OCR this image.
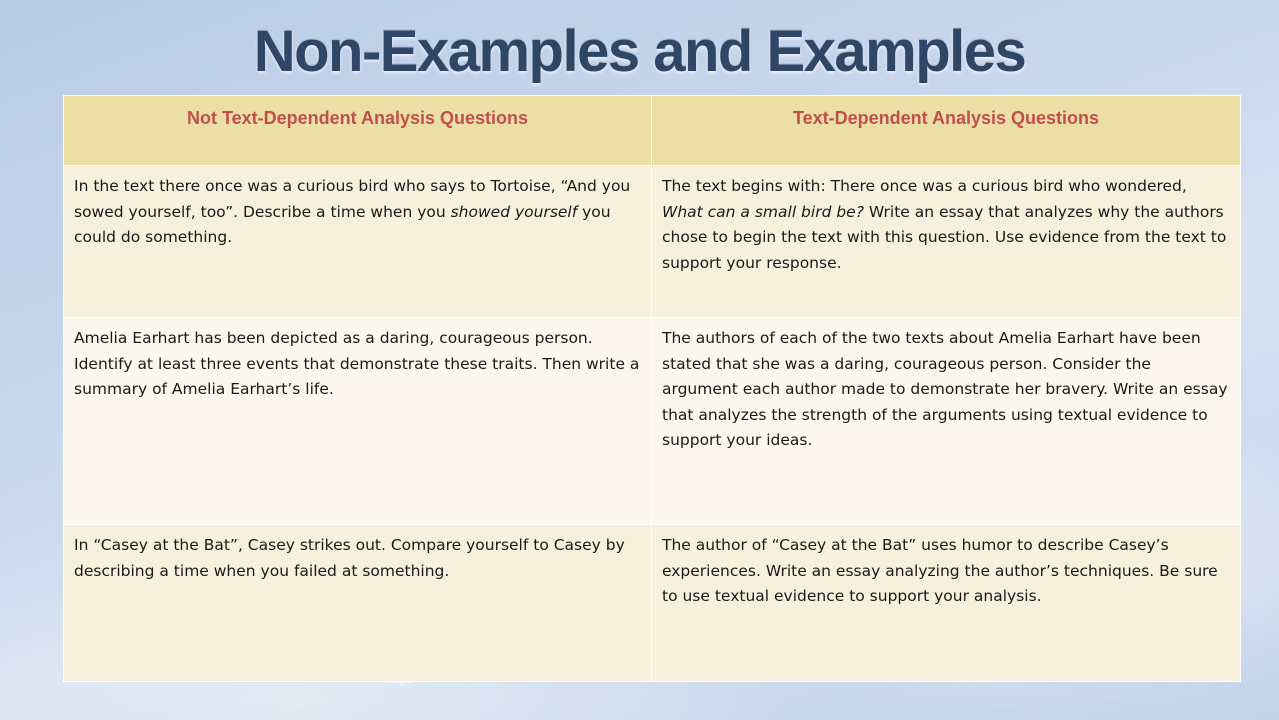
Non-Examples and Examples
Not Text-Dependent Analysis Questions	Text-Dependent Analysis Questions
In the text there once was a curious bird who says to Tortoise, “And you sowed yourself, too”. Describe a time when you showed yourself you could do something.	The text begins with: There once was a curious bird who wondered, What can a small bird be? Write an essay that analyzes why the authors chose to begin the text with this question. Use evidence from the text to support your response.
Amelia Earhart has been depicted as a daring, courageous person. Identify at least three events that demonstrate these traits. Then write a summary of Amelia Earhart’s life.	The authors of each of the two texts about Amelia Earhart have been stated that she was a daring, courageous person. Consider the argument each author made to demonstrate her bravery. Write an essay that analyzes the strength of the arguments using textual evidence to support your ideas.
In “Casey at the Bat”, Casey strikes out. Compare yourself to Casey by describing a time when you failed at something.	The author of “Casey at the Bat” uses humor to describe Casey’s experiences. Write an essay analyzing the author’s techniques. Be sure to use textual evidence to support your analysis.
